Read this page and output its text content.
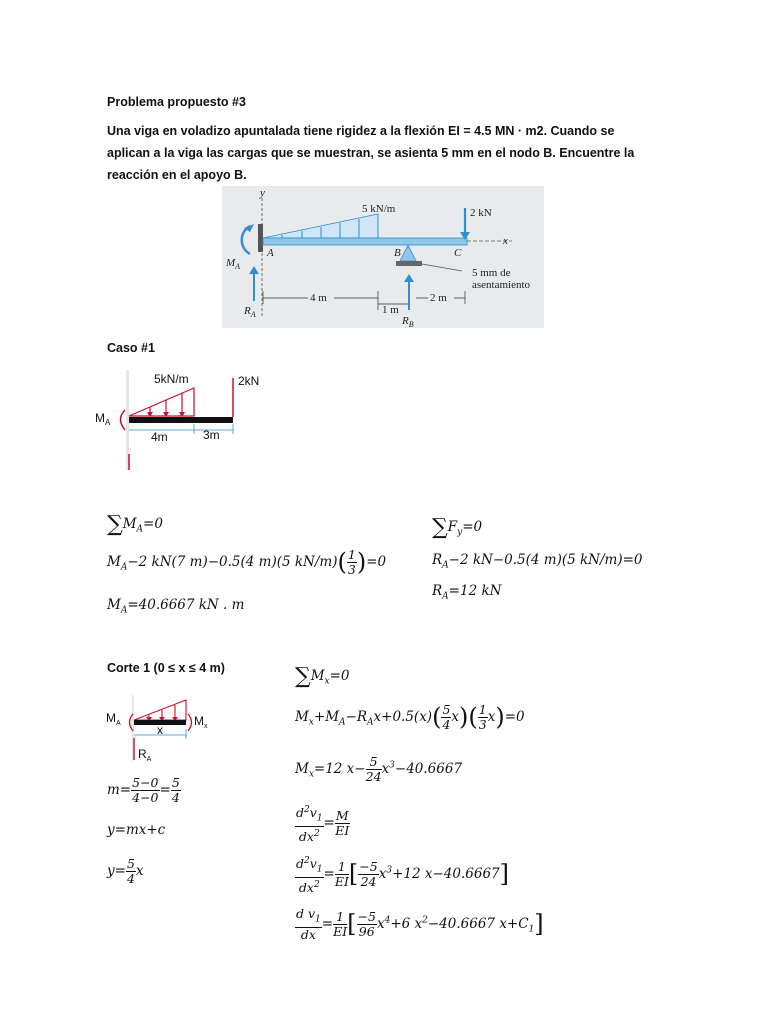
Problema propuesto #3
Una viga en voladizo apuntalada tiene rigidez a la flexión EI = 4.5 MN · m2. Cuando se aplican a la viga las cargas que se muestran, se asienta 5 mm en el nodo B. Encuentre la reacción en el apoyo B.
y
5 kN/m
x
2 kN
A	B	C
5 mm de
asentamiento
$R_B$
$M_A$
$R_A$
4 m
1 m
2 m
Caso #1
5kN/m	2kN
$M_A$
4m	3m
$\sum M_A=0$
$M_A-2$ kN(7 m)−0.5(4 m)(5 $kN/m)( \frac{1}{3} )=0$
$M_A=40.6667$ kN . m
$\sum F_y=0$
$R_A-2$ kN−0.5(4 m)(5 kN/m)=0
$R_A=12$ kN
Corte 1 (0 ≤ x ≤ 4 m)
$M_A$	$M_x$
x
$R_A$
$m= \frac{5-0}{4-0} = \frac{5}{4}$
y=mx+c
$y= \frac{5}{4}$ x
$\sum M_x=0$
$M_x+M_A-R_Ax+0.5(x)( \frac{5}{4} x)( \frac{1}{3} x)=0$
$M_x=12$ $x- \frac{5}{24} x^3-40.6667$
$\frac{d^2v_1}{dx^2} = \frac{M}{EI}$
$\frac{d^2v_1}{dx^2} = \frac{1}{EI}$ [ $\frac{-5}{24} x^3+12$ x−40.6667]
$\frac{d v_1}{dx} = \frac{1}{EI}$ [ $\frac{-5}{96} x^4+6$ $x^2-40.6667$ $x+C_1$]
